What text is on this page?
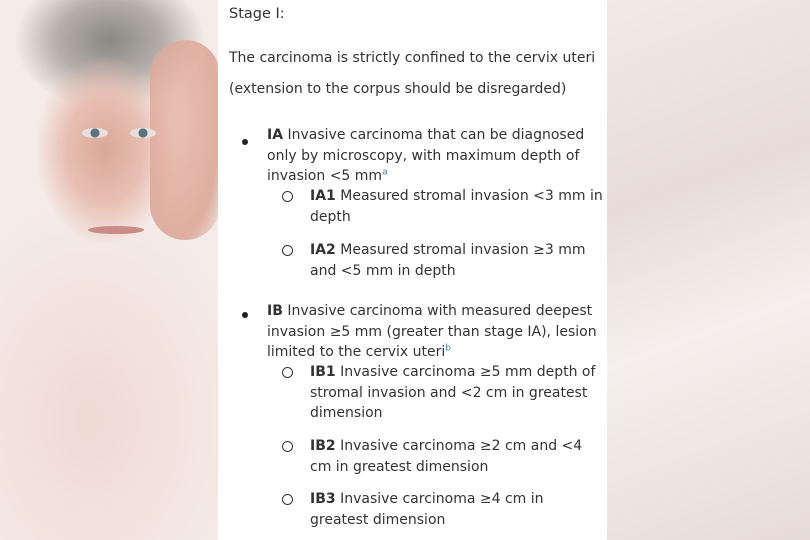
Stage I:
The carcinoma is strictly confined to the cervix uteri
(extension to the corpus should be disregarded)
IA Invasive carcinoma that can be diagnosed only by microscopy, with maximum depth of invasion <5 $mm^a$
IA1 Measured stromal invasion <3 mm in depth
IA2 Measured stromal invasion ≥3 mm and <5 mm in depth
IB Invasive carcinoma with measured deepest invasion ≥5 mm (greater than stage IA), lesion limited to the cervix uteri$^b$
IB1 Invasive carcinoma ≥5 mm depth of stromal invasion and <2 cm in greatest dimension
IB2 Invasive carcinoma ≥2 cm and <4 cm in greatest dimension
IB3 Invasive carcinoma ≥4 cm in greatest dimension
